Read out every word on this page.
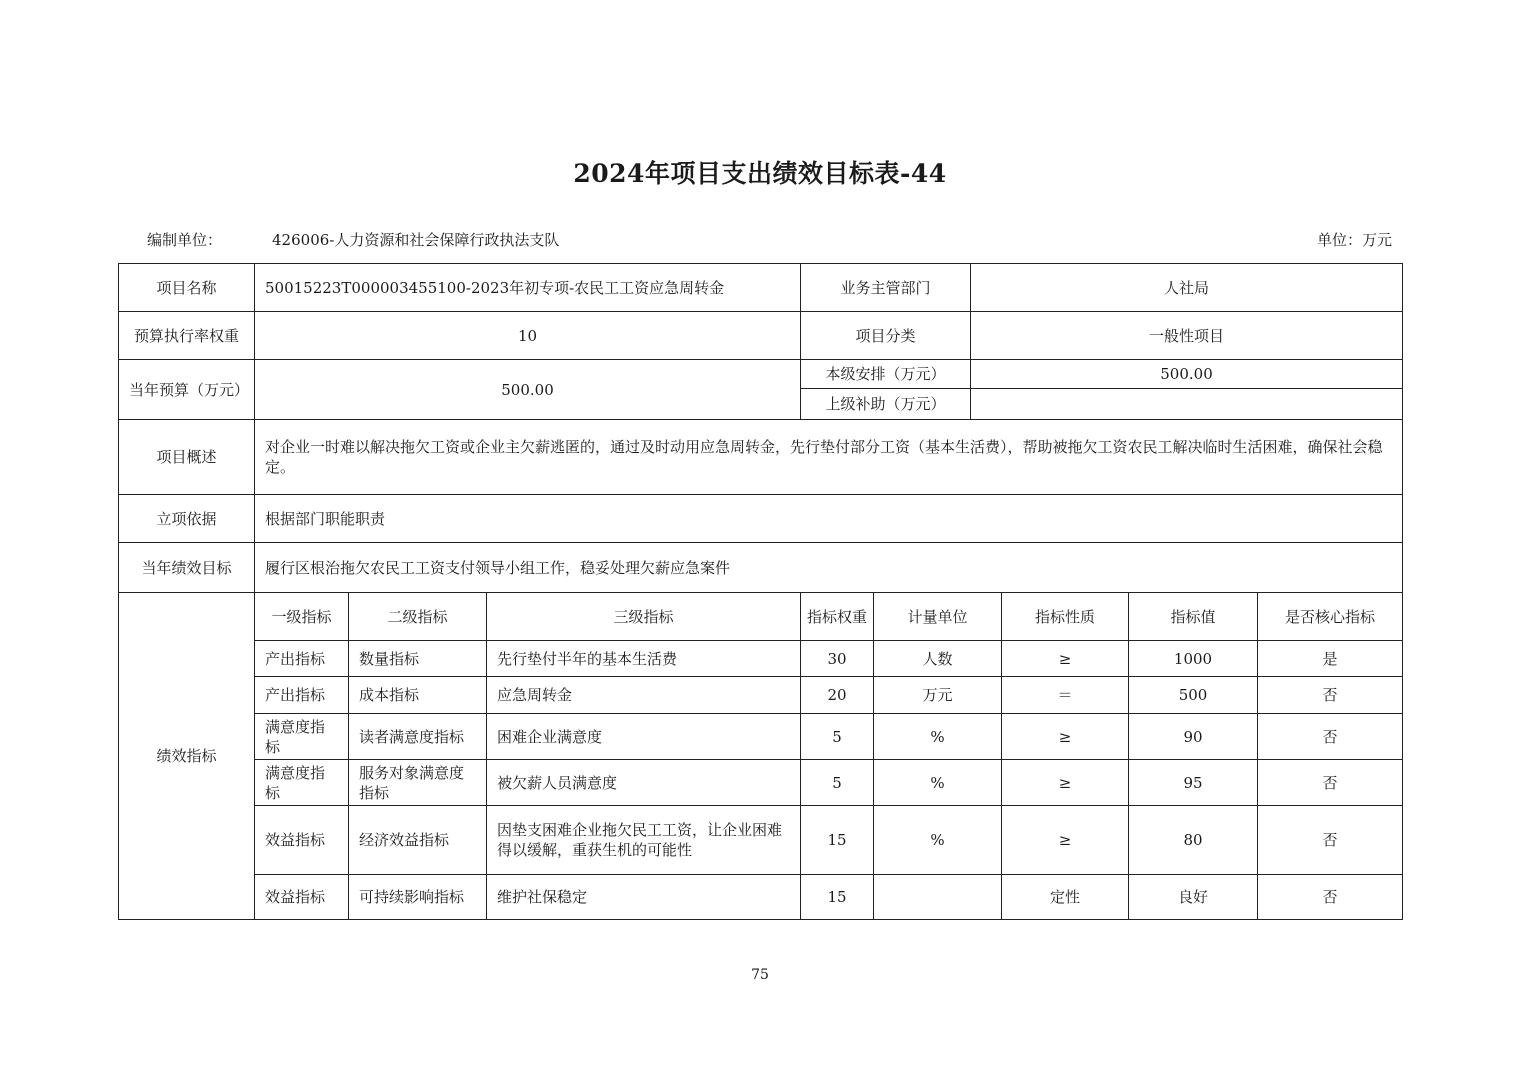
2024年项目支出绩效目标表-44
编制单位：	426006-人力资源和社会保障行政执法支队	单位：万元
项目名称	50015223T000003455100-2023年初专项-农民工工资应急周转金			业务主管部门		人社局			
预算执行率权重	10			项目分类		一般性项目			
当年预算（万元）	500.00			本级安排（万元）		500.00			
				上级补助（万元）					
项目概述	对企业一时难以解决拖欠工资或企业主欠薪逃匿的，通过及时动用应急周转金，先行垫付部分工资（基本生活费），帮助被拖欠工资农民工解决临时生活困难，确保社会稳定。								
立项依据	根据部门职能职责								
当年绩效目标	履行区根治拖欠农民工工资支付领导小组工作，稳妥处理欠薪应急案件								
绩效指标	一级指标	二级指标	三级指标	指标权重	计量单位		指标性质	指标值	是否核心指标
	产出指标	数量指标	先行垫付半年的基本生活费	30	人数		≥	1000	是
	产出指标	成本指标	应急周转金	20	万元		＝	500	否
	满意度指标	读者满意度指标	困难企业满意度	5	%		≥	90	否
	满意度指标	服务对象满意度指标	被欠薪人员满意度	5	%		≥	95	否
	效益指标	经济效益指标	因垫支困难企业拖欠民工工资，让企业困难得以缓解，重获生机的可能性	15	%		≥	80	否
	效益指标	可持续影响指标	维护社保稳定	15			定性	良好	否
75
